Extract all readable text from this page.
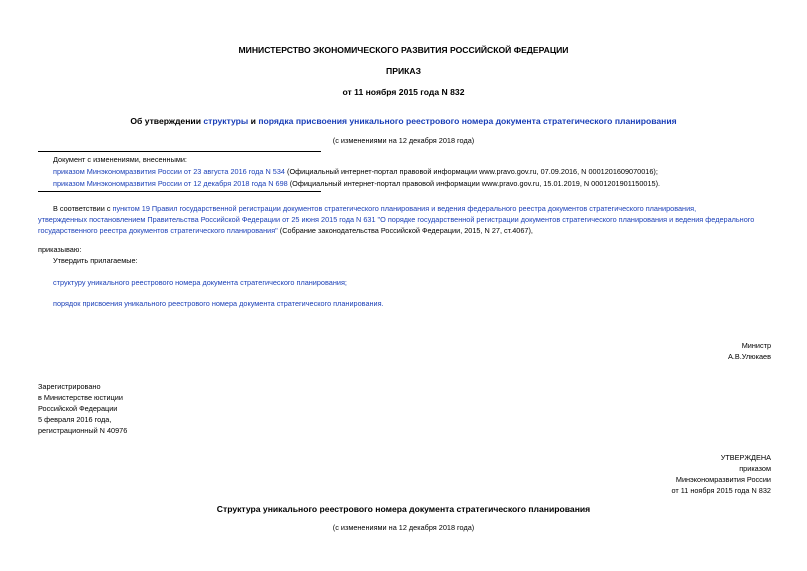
МИНИСТЕРСТВО ЭКОНОМИЧЕСКОГО РАЗВИТИЯ РОССИЙСКОЙ ФЕДЕРАЦИИ
ПРИКАЗ
от 11 ноября 2015 года N 832
Об утверждении структуры и порядка присвоения уникального реестрового номера документа стратегического планирования
(с изменениями на 12 декабря 2018 года)
Документ с изменениями, внесенными:
приказом Минэкономразвития России от 23 августа 2016 года N 534 (Официальный интернет-портал правовой информации www.pravo.gov.ru, 07.09.2016, N 0001201609070016);
приказом Минэкономразвития России от 12 декабря 2018 года N 698 (Официальный интернет-портал правовой информации www.pravo.gov.ru, 15.01.2019, N 0001201901150015).
В соответствии с пунктом 19 Правил государственной регистрации документов стратегического планирования и ведения федерального реестра документов стратегического планирования,
утвержденных постановлением Правительства Российской Федерации от 25 июня 2015 года N 631 "О порядке государственной регистрации документов стратегического планирования и ведения федерального
государственного реестра документов стратегического планирования" (Собрание законодательства Российской Федерации, 2015, N 27, ст.4067),
приказываю:
Утвердить прилагаемые:
структуру уникального реестрового номера документа стратегического планирования;
порядок присвоения уникального реестрового номера документа стратегического планирования.
Министр
А.В.Улюкаев
Зарегистрировано
в Министерстве юстиции
Российской Федерации
5 февраля 2016 года,
регистрационный N 40976
УТВЕРЖДЕНА
приказом
Минэкономразвития России
от 11 ноября 2015 года N 832
Структура уникального реестрового номера документа стратегического планирования
(с изменениями на 12 декабря 2018 года)
